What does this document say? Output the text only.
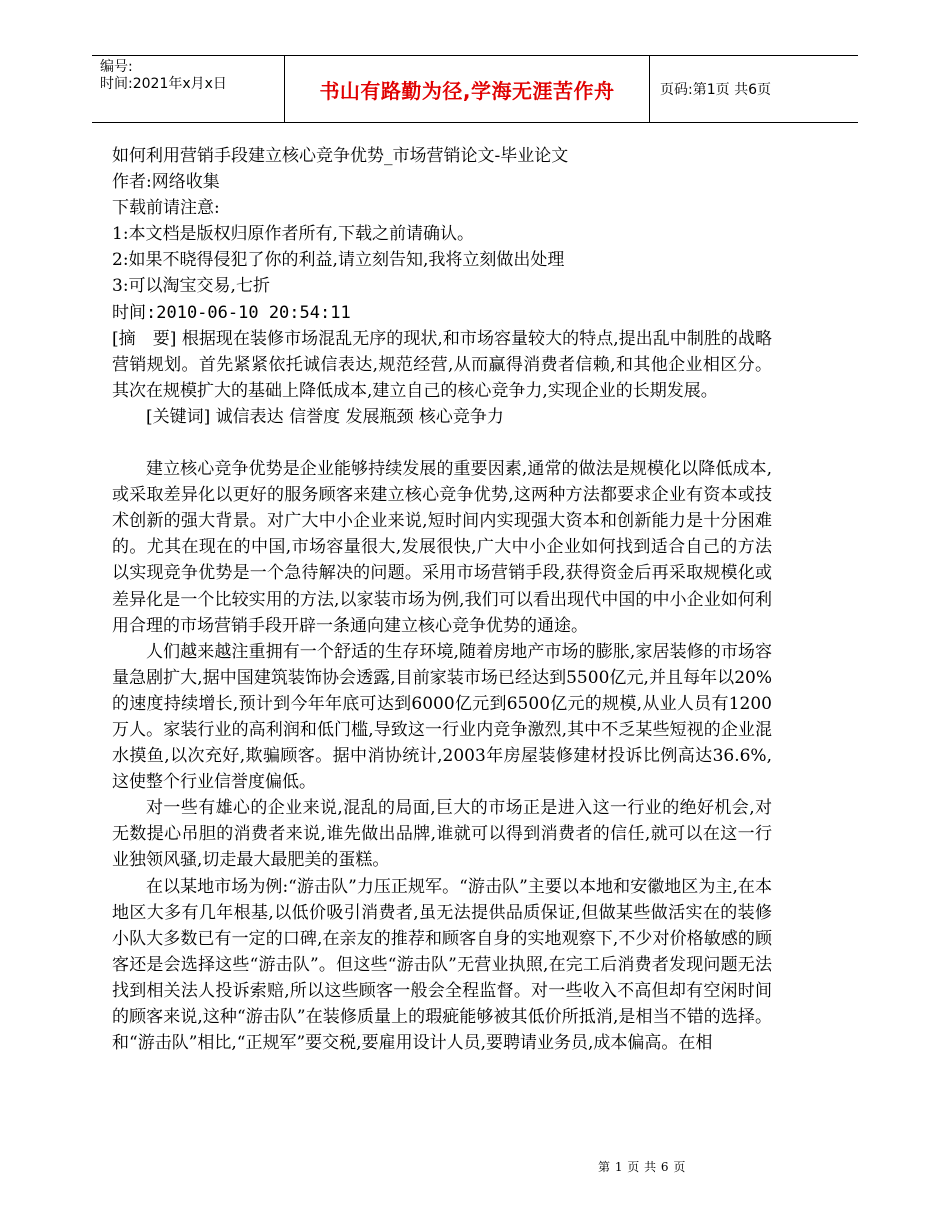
编号:
时间:2021年x月x日	书山有路勤为径,学海无涯苦作舟	页码:第1页 共6页
如何利用营销手段建立核心竞争优势_市场营销论文-毕业论文
作者:网络收集
下载前请注意:
1:本文档是版权归原作者所有,下载之前请确认。
2:如果不晓得侵犯了你的利益,请立刻告知,我将立刻做出处理
3:可以淘宝交易,七折
时间:2010-06-10 20:54:11
[摘　要] 根据现在装修市场混乱无序的现状,和市场容量较大的特点,提出乱中制胜的战略营销规划。首先紧紧依托诚信表达,规范经营,从而赢得消费者信赖,和其他企业相区分。其次在规模扩大的基础上降低成本,建立自己的核心竞争力,实现企业的长期发展。
[关键词] 诚信表达 信誉度 发展瓶颈 核心竞争力
建立核心竞争优势是企业能够持续发展的重要因素,通常的做法是规模化以降低成本,或采取差异化以更好的服务顾客来建立核心竞争优势,这两种方法都要求企业有资本或技术创新的强大背景。对广大中小企业来说,短时间内实现强大资本和创新能力是十分困难的。尤其在现在的中国,市场容量很大,发展很快,广大中小企业如何找到适合自己的方法以实现竞争优势是一个急待解决的问题。采用市场营销手段,获得资金后再采取规模化或差异化是一个比较实用的方法,以家装市场为例,我们可以看出现代中国的中小企业如何利用合理的市场营销手段开辟一条通向建立核心竞争优势的通途。
人们越来越注重拥有一个舒适的生存环境,随着房地产市场的膨胀,家居装修的市场容量急剧扩大,据中国建筑装饰协会透露,目前家装市场已经达到5500亿元,并且每年以20%的速度持续增长,预计到今年年底可达到6000亿元到6500亿元的规模,从业人员有1200万人。家装行业的高利润和低门槛,导致这一行业内竞争激烈,其中不乏某些短视的企业混水摸鱼,以次充好,欺骗顾客。据中消协统计,2003年房屋装修建材投诉比例高达36.6%,这使整个行业信誉度偏低。
对一些有雄心的企业来说,混乱的局面,巨大的市场正是进入这一行业的绝好机会,对无数提心吊胆的消费者来说,谁先做出品牌,谁就可以得到消费者的信任,就可以在这一行业独领风骚,切走最大最肥美的蛋糕。
在以某地市场为例:“游击队”力压正规军。“游击队”主要以本地和安徽地区为主,在本地区大多有几年根基,以低价吸引消费者,虽无法提供品质保证,但做某些做活实在的装修小队大多数已有一定的口碑,在亲友的推荐和顾客自身的实地观察下,不少对价格敏感的顾客还是会选择这些“游击队”。但这些“游击队”无营业执照,在完工后消费者发现问题无法找到相关法人投诉索赔,所以这些顾客一般会全程监督。对一些收入不高但却有空闲时间的顾客来说,这种“游击队”在装修质量上的瑕疵能够被其低价所抵消,是相当不错的选择。和“游击队”相比,“正规军”要交税,要雇用设计人员,要聘请业务员,成本偏高。在相
第 1 页 共 6 页
